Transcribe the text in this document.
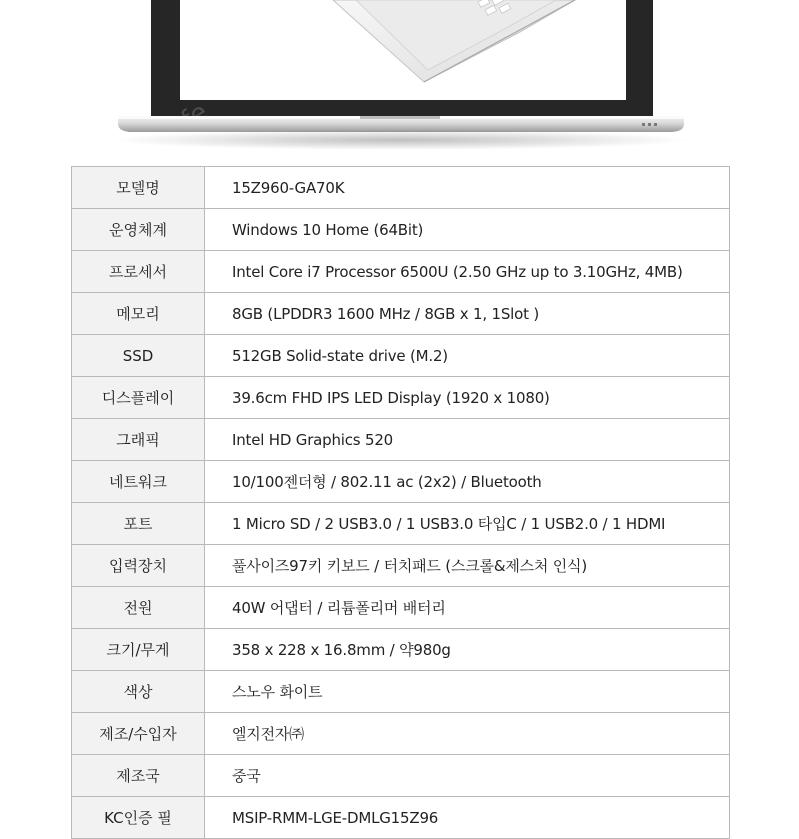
모델명	15Z960-GA70K
운영체계	Windows 10 Home (64Bit)
프로세서	Intel Core i7 Processor 6500U (2.50 GHz up to 3.10GHz, 4MB)
메모리	8GB (LPDDR3 1600 MHz / 8GB x 1, 1Slot )
SSD	512GB Solid-state drive (M.2)
디스플레이	39.6cm FHD IPS LED Display (1920 x 1080)
그래픽	Intel HD Graphics 520
네트워크	10/100젠더형 / 802.11 ac (2x2) / Bluetooth
포트	1 Micro SD / 2 USB3.0 / 1 USB3.0 타입C / 1 USB2.0 / 1 HDMI
입력장치	풀사이즈97키 키보드 / 터치패드 (스크롤&제스처 인식)
전원	40W 어댑터 / 리튬폴리머 배터리
크기/무게	358 x 228 x 16.8mm / 약980g
색상	스노우 화이트
제조/수입자	엘지전자㈜
제조국	중국
KC인증 필	MSIP-RMM-LGE-DMLG15Z96
